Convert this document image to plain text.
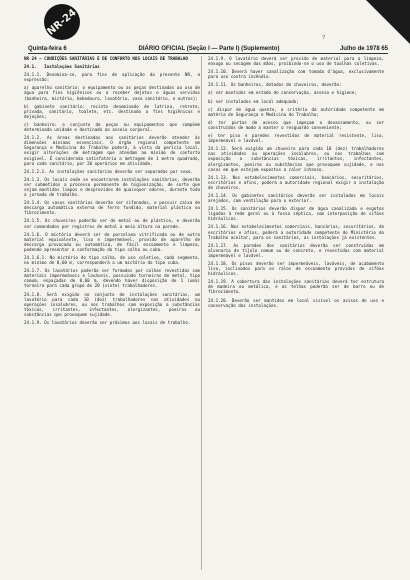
NR-24
7
Quinta-feira 6	DIÁRIO OFICIAL (Seção I — Parte I) (Suplemento)	Julho de 1978 65

NR 24 — CONDIÇÕES SANITÁRIAS E DE CONFORTO NOS LOCAIS DE TRABALHO

24.1.   Instalações Sanitárias

24.1.1. Denomina-se, para fins de aplicação da presente NR, a expressão:

a) aparelho sanitário: o equipamento ou as peças destinadas ao uso de água para fins higiênicos ou a receber dejetos e águas servidas (banheira, mictório, bebedouro, lavatório, vaso sanitário, e outros);

b) gabinete sanitário: recinto denominado de latrina, retrete, privada, sanitário, toalete, etc. destinado a fins higiênicos e dejeções;

c) banheiro: o conjunto de peças ou equipamentos que compõem determinada unidade e destinado ao asseio corporal.

24.1.2. As áreas destinadas aos sanitários deverão atender às dimensões mínimas essenciais. O órgão regional competente em Segurança e Medicina do Trabalho poderá, à vista da perícia local, exigir alterações de metragem que atendam ao mínimo de conforto exigível. É considerada satisfatória a metragem de 1 metro quadrado, para cada sanitário, por 20 operários em atividade.

24.1.2.1. As instalações sanitárias deverão ser separadas por sexo.

24.1.3. Os locais onde se encontrarem instalações sanitárias, deverão ser submetidos a processo permanente de higienização, de sorte que sejam mantidos limpos e desprovidos de quaisquer odores, durante toda a jornada de trabalho.

24.1.4. Os vasos sanitários deverão ser sifonados, e possuir caixa de descarga automática externa de ferro fundido, material plástico ou fibrocimento.

24.1.5. Os chuveiros poderão ser de metal ou de plástico, e deverão ser comandados por registros de metal a meia altura na parede.

24.1.6. O mictório deverá ser de porcelana vitrificada ou de outro material equivalente, liso e impermeável, provido de aparelho de descarga provocada ou automática, de fácil escoamento e limpeza, podendo apresentar a conformação do tipo calha ou cuba.

24.1.6.1. No mictório do tipo calha, de uso coletivo, cada segmento, no mínimo de 0,60 m, corresponderá a um mictório do tipo cuba.

24.1.7. Os lavatórios poderão ser formados por calhas revestidas com materiais impermeáveis e laváveis, possuindo torneiras de metal, tipo comum, espaçadas de 0,60 m, devendo haver disposição de 1 (uma) torneira para cada grupo de 20 (vinte) trabalhadores.

24.1.8. Será exigido no conjunto de instalações sanitárias, um lavatório para cada 10 (dez) trabalhadores nas atividades ou operações insalubres, ou nos trabalhos com exposição a substâncias tóxicas, irritantes, infectantes, alergizantes, poeiras ou substâncias que provoquem sujidade.

24.1.9. Os lavatórios deverão ser próximos aos locais de trabalho.

24.1.9. O lavatório deverá ser provido de material para a limpeza, enxugo ou secagem das mãos, proibindo-se o uso de toalhas coletivas.

24.1.10. Deverá haver canalização com tomada d'água, exclusivamente para uso contra incêndio.

24.1.11. Os banheiros, dotados de chuveiros, deverão:

a) ser mantidos em estado de conservação, asseio e higiene;

b) ser instalados em local adequado;

c) dispor de água quente, a critério da autoridade competente em matéria de Segurança e Medicina do Trabalho;

d) ter portas de acesso que impeçam o devassamento, ou ser construídos de modo a manter o resguardo conveniente;

e) ter piso e paredes revestidos de material resistente, liso, impermeável e lavável.

24.1.12. Será exigido um chuveiro para cada 10 (dez) trabalhadores nas atividades ou operações insalubres, ou nos trabalhos com exposição a substâncias tóxicas, irritantes, infectantes, alergizantes, poeiras ou substâncias que provoquem sujidade, e nos casos em que estejam expostos a calor intenso.

24.1.13. Nos estabelecimentos comerciais, bancários, securitários, escritórios e afins, poderá a autoridade regional exigir a instalação de chuveiros.

24.1.14. Os gabinetes sanitários deverão ser instalados em locais arejados, com ventilação para o exterior.

24.1.15. Os sanitários deverão dispor de água canalizada e esgotos ligados à rede geral ou à fossa séptica, com interposição de sifões hidráulicos.

24.1.16. Nos estabelecimentos comerciais, bancários, securitários, de escritórios e afins, poderá a autoridade competente do Ministério do Trabalho aceitar, para os sanitários, as instalações já existentes.

24.1.17. As paredes dos sanitários deverão ser construídas em alvenaria de tijolo comum ou de concreto, e revestidas com material impermeável e lavável.

24.1.18. Os pisos deverão ser impermeáveis, laváveis, de acabamento liso, inclinados para os ralos de escoamento providos de sifões hidráulicos.

24.1.19. A cobertura das instalações sanitárias deverá ter estrutura de madeira ou metálica, e as telhas poderão ser de barro ou de fibrocimento.

24.1.20. Deverão ser mantidos em local visível os avisos de uso e conservação das instalações.
